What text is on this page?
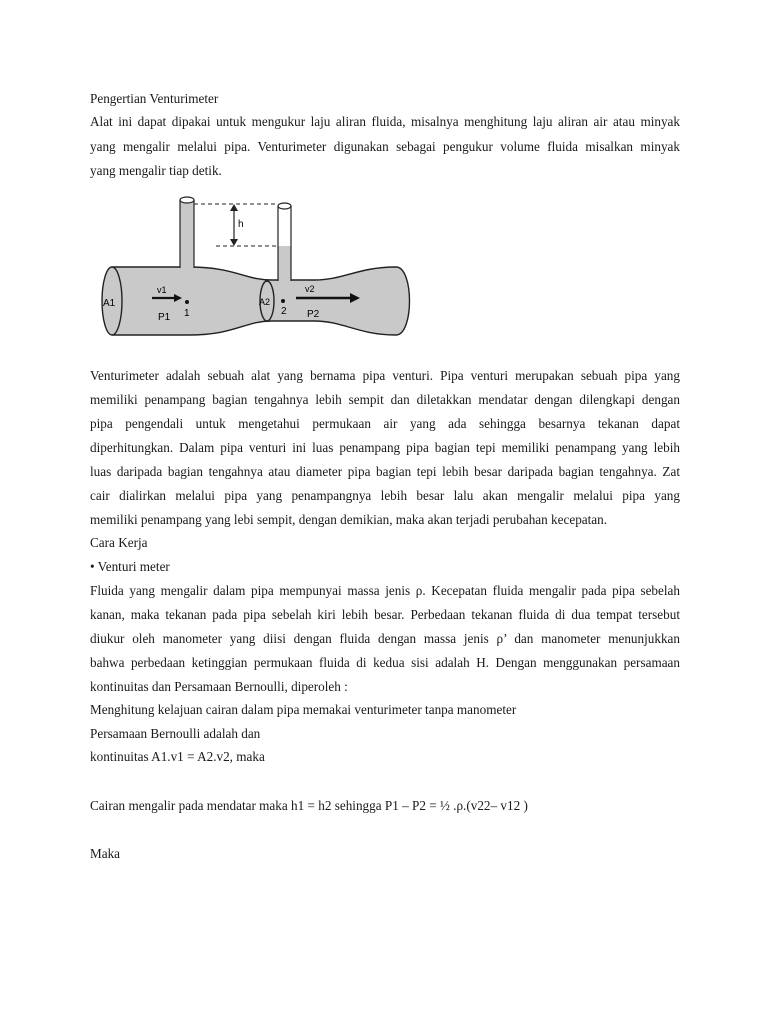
Pengertian Venturimeter
Alat ini dapat dipakai untuk mengukur laju aliran fluida, misalnya menghitung laju aliran air atau minyak
yang mengalir melalui pipa. Venturimeter digunakan sebagai pengukur volume fluida misalkan minyak
yang mengalir tiap detik.
h
A1	A2
v1	v2
P1	P2
1	2
Venturimeter adalah sebuah alat yang bernama pipa venturi. Pipa venturi merupakan sebuah pipa yang
memiliki penampang bagian tengahnya lebih sempit dan diletakkan mendatar dengan dilengkapi dengan
pipa pengendali untuk mengetahui permukaan air yang ada sehingga besarnya tekanan dapat
diperhitungkan. Dalam pipa venturi ini luas penampang pipa bagian tepi memiliki penampang yang lebih
luas daripada bagian tengahnya atau diameter pipa bagian tepi lebih besar daripada bagian tengahnya. Zat
cair dialirkan melalui pipa yang penampangnya lebih besar lalu akan mengalir melalui pipa yang
memiliki penampang yang lebi sempit, dengan demikian, maka akan terjadi perubahan kecepatan.
Cara Kerja
• Venturi meter
Fluida yang mengalir dalam pipa mempunyai massa jenis ρ. Kecepatan fluida mengalir pada pipa sebelah
kanan, maka tekanan pada pipa sebelah kiri lebih besar. Perbedaan tekanan fluida di dua tempat tersebut
diukur oleh manometer yang diisi dengan fluida dengan massa jenis ρ’ dan manometer menunjukkan
bahwa perbedaan ketinggian permukaan fluida di kedua sisi adalah H. Dengan menggunakan persamaan
kontinuitas dan Persamaan Bernoulli, diperoleh :
Menghitung kelajuan cairan dalam pipa memakai venturimeter tanpa manometer
Persamaan Bernoulli adalah dan
kontinuitas A1.v1 = A2.v2, maka
Cairan mengalir pada mendatar maka h1 = h2 sehingga P1 – P2 = ½ .ρ.(v22– v12 )
Maka
